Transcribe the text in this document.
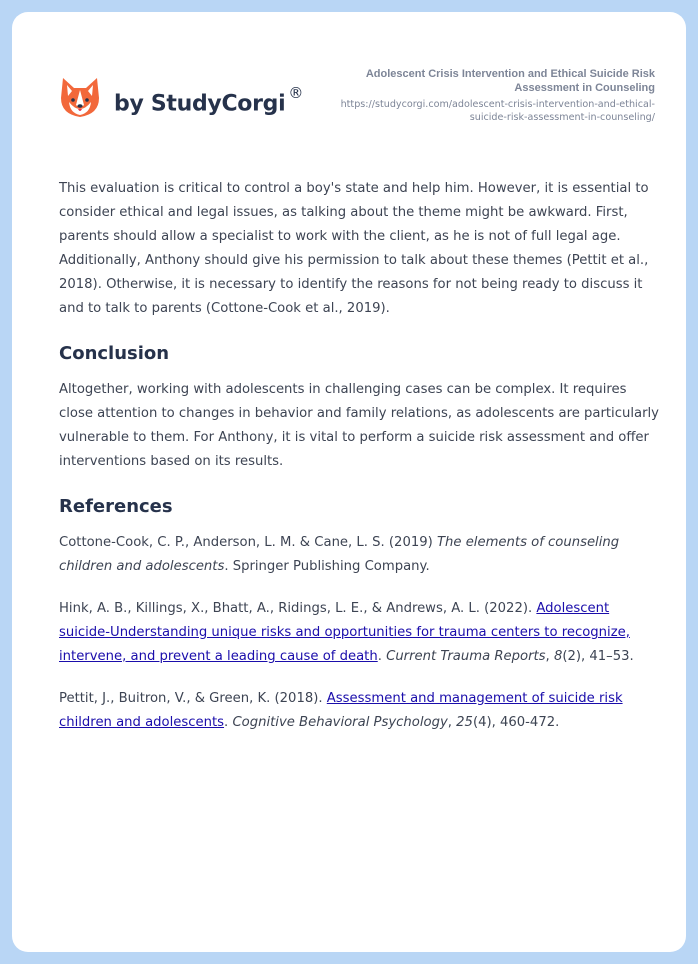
by StudyCorgi ®
Adolescent Crisis Intervention and Ethical Suicide Risk Assessment in Counseling
https://studycorgi.com/adolescent-crisis-intervention-and-ethical-suicide-risk-assessment-in-counseling/

This evaluation is critical to control a boy's state and help him. However, it is essential to consider ethical and legal issues, as talking about the theme might be awkward. First, parents should allow a specialist to work with the client, as he is not of full legal age. Additionally, Anthony should give his permission to talk about these themes (Pettit et al., 2018). Otherwise, it is necessary to identify the reasons for not being ready to discuss it and to talk to parents (Cottone-Cook et al., 2019).

Conclusion

Altogether, working with adolescents in challenging cases can be complex. It requires close attention to changes in behavior and family relations, as adolescents are particularly vulnerable to them. For Anthony, it is vital to perform a suicide risk assessment and offer interventions based on its results.

References

Cottone-Cook, C. P., Anderson, L. M. & Cane, L. S. (2019) The elements of counseling children and adolescents. Springer Publishing Company.

Hink, A. B., Killings, X., Bhatt, A., Ridings, L. E., & Andrews, A. L. (2022). Adolescent suicide-Understanding unique risks and opportunities for trauma centers to recognize, intervene, and prevent a leading cause of death. Current Trauma Reports, 8(2), 41–53.

Pettit, J., Buitron, V., & Green, K. (2018). Assessment and management of suicide risk children and adolescents. Cognitive Behavioral Psychology, 25(4), 460-472.
